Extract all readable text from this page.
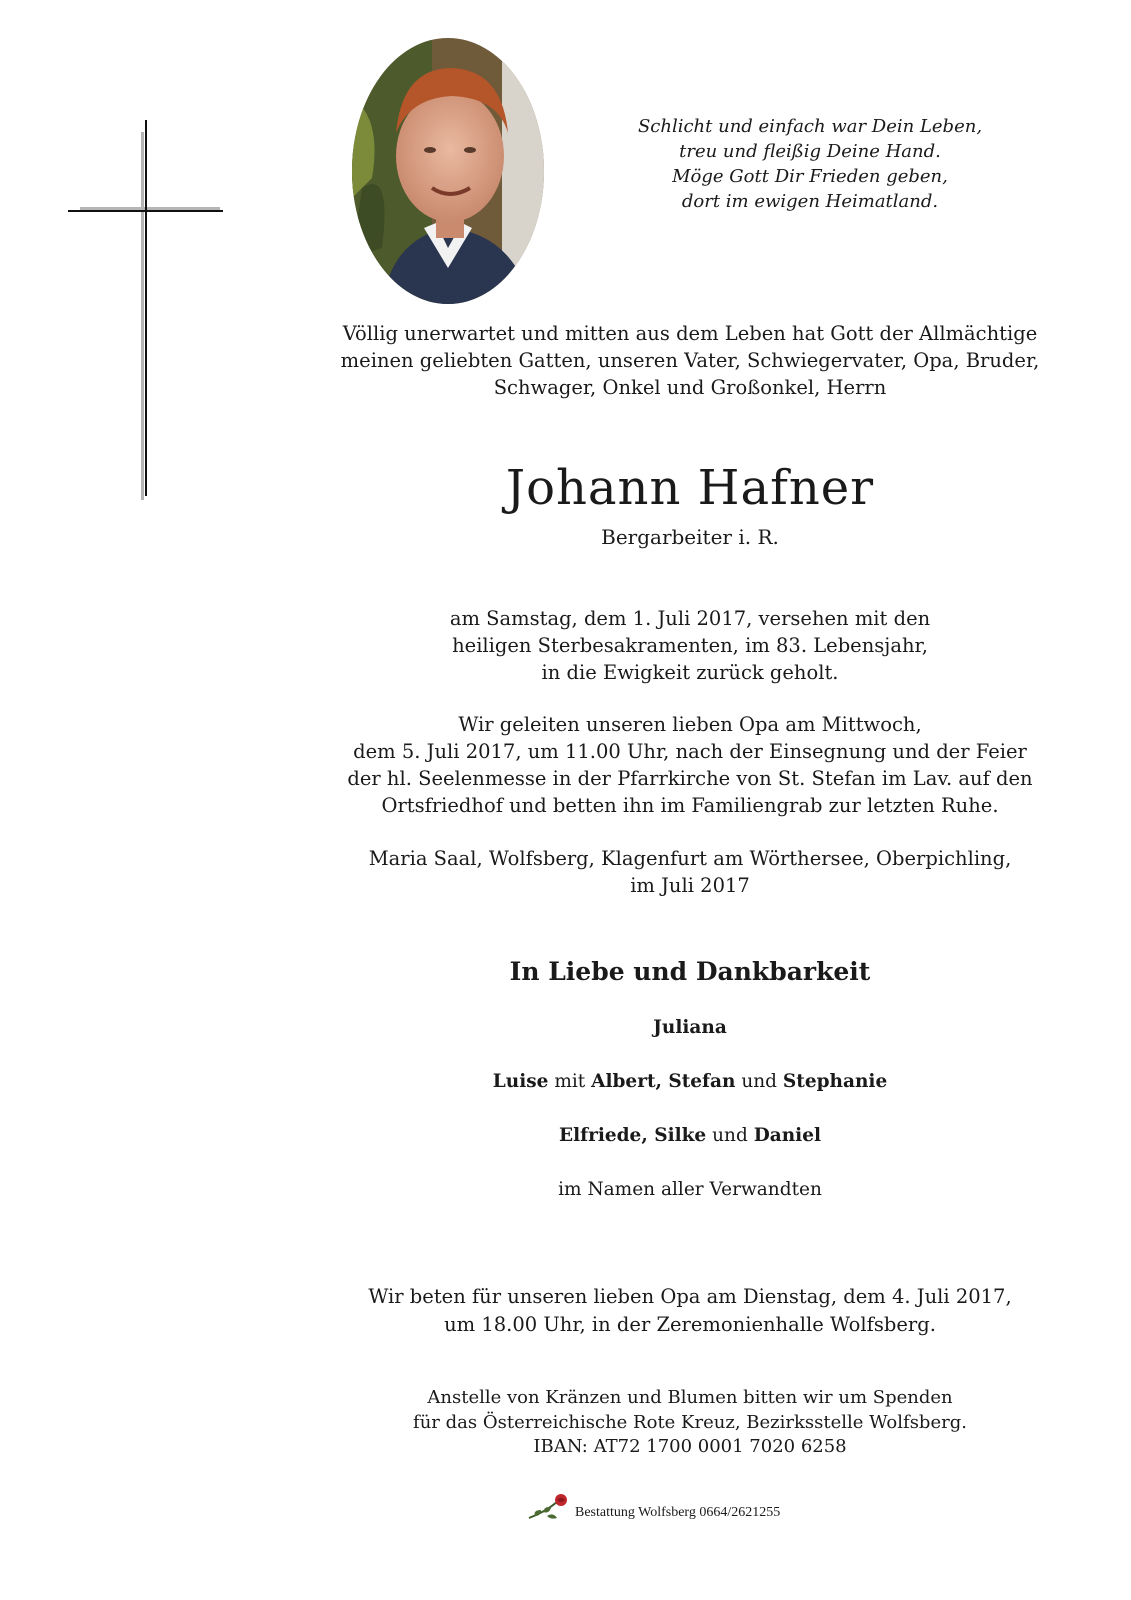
Schlicht und einfach war Dein Leben,
treu und fleißig Deine Hand.
Möge Gott Dir Frieden geben,
dort im ewigen Heimatland.
Völlig unerwartet und mitten aus dem Leben hat Gott der Allmächtige
meinen geliebten Gatten, unseren Vater, Schwiegervater, Opa, Bruder,
Schwager, Onkel und Großonkel, Herrn
Johann Hafner
Bergarbeiter i. R.
am Samstag, dem 1. Juli 2017, versehen mit den
heiligen Sterbesakramenten, im 83. Lebensjahr,
in die Ewigkeit zurück geholt.
Wir geleiten unseren lieben Opa am Mittwoch,
dem 5. Juli 2017, um 11.00 Uhr, nach der Einsegnung und der Feier
der hl. Seelenmesse in der Pfarrkirche von St. Stefan im Lav. auf den
Ortsfriedhof und betten ihn im Familiengrab zur letzten Ruhe.
Maria Saal, Wolfsberg, Klagenfurt am Wörthersee, Oberpichling,
im Juli 2017
In Liebe und Dankbarkeit
Juliana
Luise mit Albert, Stefan und Stephanie
Elfriede, Silke und Daniel
im Namen aller Verwandten
Wir beten für unseren lieben Opa am Dienstag, dem 4. Juli 2017,
um 18.00 Uhr, in der Zeremonienhalle Wolfsberg.
Anstelle von Kränzen und Blumen bitten wir um Spenden
für das Österreichische Rote Kreuz, Bezirksstelle Wolfsberg.
IBAN: AT72 1700 0001 7020 6258
Bestattung Wolfsberg 0664/2621255
